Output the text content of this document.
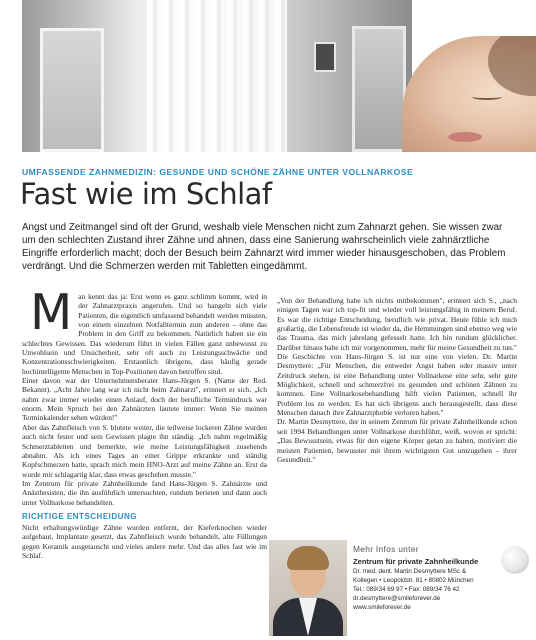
UMFASSENDE ZAHNMEDIZIN: GESUNDE UND SCHÖNE ZÄHNE UNTER VOLLNARKOSE
Fast wie im Schlaf

Angst und Zeitmangel sind oft der Grund, weshalb viele Menschen nicht zum Zahnarzt gehen. Sie wissen zwar um den schlechten Zustand ihrer Zähne und ahnen, dass eine Sanierung wahrscheinlich viele zahnärztliche Eingriffe erforderlich macht; doch der Besuch beim Zahnarzt wird immer wieder hinausgeschoben, das Problem verdrängt. Und die Schmerzen werden mit Tabletten eingedämmt.

M an kennt das ja: Erst wenn es ganz schlimm kommt, wird in der Zahnarztpraxis angerufen. Und so hangeln sich viele Patienten, die eigentlich umfassend behandelt werden müssten, von einem einzelnen Notfalltermin zum anderen – ohne das Problem in den Griff zu bekommen. Natürlich haben sie ein schlechtes Gewissen. Das wiederum führt in vielen Fällen ganz unbewusst zu Unwohlsein und Unsicherheit, sehr oft auch zu Leistungsschwäche und Konzentrationsschwierigkeiten. Erstaunlich übrigens, dass häufig gerade hochintelligente Menschen in Top-Positionen davon betroffen sind.

Einer davon war der Unternehmensberater Hans-Jürgen S. (Name der Red. Bekannt). „Acht Jahre lang war ich nicht beim Zahnarzt", erinnert er sich. „Ich nahm zwar immer wieder einen Anlauf, doch der berufliche Termindruck war enorm. Mein Spruch bei den Zahnärzten lautete immer: Wenn Sie meinen Terminkalender sehen würden!"

Aber das Zahnfleisch von S. blutete weiter, die teilweise lockeren Zähne wurden auch nicht fester und sein Gewissen plagte ihn ständig. „Ich nahm regelmäßig Schmerztabletten und bemerkte, wie meine Leistungsfähigkeit zusehends abnahm. Als ich eines Tages an einer Grippe erkrankte und ständig Kopfschmerzen hatte, sprach mich mein HNO-Arzt auf meine Zähne an. Erst da wurde mir schlagartig klar, dass etwas geschehen musste."

Im Zentrum für private Zahnheilkunde fand Hans-Jürgen S. Zahnärzte und Anästhesisten, die ihn ausführlich untersuchten, rundum berieten und dann auch unter Vollnarkose behandelten.

RICHTIGE ENTSCHEIDUNG

Nicht erhaltungswürdige Zähne wurden entfernt, der Kieferknochen wieder aufgebaut, Implantate gesetzt, das Zahnfleisch wurde behandelt, alte Füllungen gegen Keramik ausgetauscht und vieles andere mehr. Und das alles fast wie im Schlaf.

„Von der Behandlung habe ich nichts mitbekommen", erinnert sich S., „nach einigen Tagen war ich top-fit und wieder voll leistungsfähig in meinem Beruf. Es war die richtige Entscheidung, beruflich wie privat. Heute fühle ich mich großartig, die Lebensfreude ist wieder da, die Hemmungen sind ebenso weg wie das Trauma, das mich jahrelang gefesselt hatte. Ich bin rundum glücklicher. Darüber hinaus habe ich mir vorgenommen, mehr für meine Gesundheit zu tun."

Die Geschichte von Hans-Jürgen S. ist nur eine von vielen. Dr. Martin Desmyttere: „Für Menschen, die entweder Angst haben oder massiv unter Zeitdruck stehen, ist eine Behandlung unter Vollnarkose eine sehr, sehr gute Möglichkeit, schnell und schmerzfrei zu gesunden und schönen Zähnen zu kommen. Eine Vollnarkosebehandlung hilft vielen Patienten, schnell ihr Problem los zu werden. Es hat sich übrigens auch herausgestellt, dass diese Menschen danach ihre Zahnarztphobie verloren haben."

Dr. Martin Desmyttere, der in seinem Zentrum für private Zahnheilkunde schon seit 1994 Behandlungen unter Vollnarkose durchführt, weiß, wovon er spricht: „Das Bewusstsein, etwas für den eigene Körper getan zu haben, motiviert die meisten Patienten, bewusster mit ihrem wichtigsten Gut umzugehen – ihrer Gesundheit."

Mehr Infos unter
Zentrum für private Zahnheilkunde
Dr. med. dent. Martin Desmyttere MSc &
Kollegen • Leopoldstr. 81 • 80802 München
Tel.: 089/34 69 97 • Fax: 089/34 76 42
dr.desmyttere@smileforever.de
www.smileforever.de
